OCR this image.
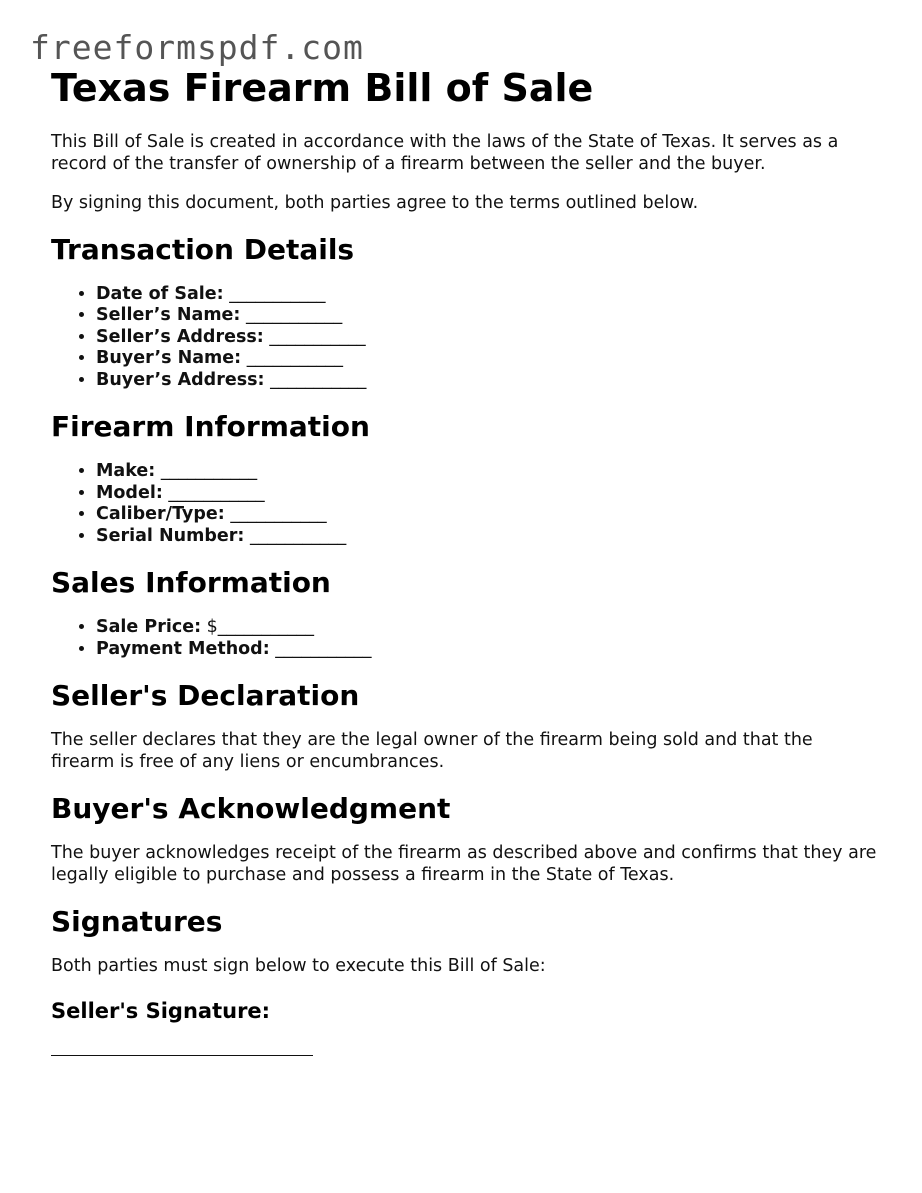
freeformspdf.com
Texas Firearm Bill of Sale

This Bill of Sale is created in accordance with the laws of the State of Texas. It serves as a record of the transfer of ownership of a firearm between the seller and the buyer.

By signing this document, both parties agree to the terms outlined below.

Transaction Details
• Date of Sale: ___________
• Seller’s Name: ___________
• Seller’s Address: ___________
• Buyer’s Name: ___________
• Buyer’s Address: ___________
Firearm Information
• Make: ___________
• Model: ___________
• Caliber/Type: ___________
• Serial Number: ___________
Sales Information
• Sale Price: $___________
• Payment Method: ___________
Seller's Declaration

The seller declares that they are the legal owner of the firearm being sold and that the firearm is free of any liens or encumbrances.

Buyer's Acknowledgment

The buyer acknowledges receipt of the firearm as described above and confirms that they are legally eligible to purchase and possess a firearm in the State of Texas.

Signatures

Both parties must sign below to execute this Bill of Sale:

Seller's Signature:
